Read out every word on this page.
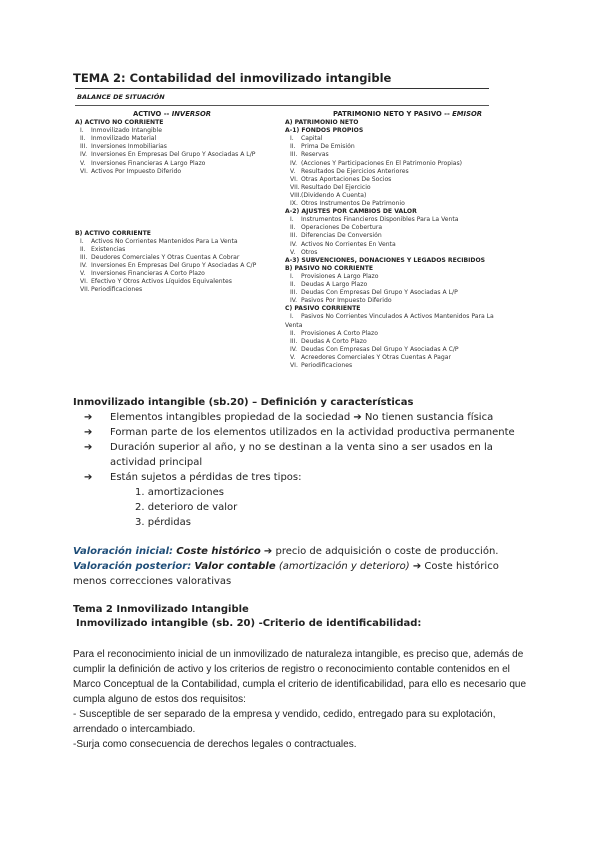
TEMA 2: Contabilidad del inmovilizado intangible
BALANCE DE SITUACIÓN
ACTIVO -- INVERSOR	PATRIMONIO NETO Y PASIVO -- EMISOR
A) ACTIVO NO CORRIENTE
I. Inmovilizado Intangible
II. Inmovilizado Material
III. Inversiones Inmobiliarias
IV. Inversiones En Empresas Del Grupo Y Asociadas A L/P
V. Inversiones Financieras A Largo Plazo
VI. Activos Por Impuesto Diferido
B) ACTIVO CORRIENTE
I. Activos No Corrientes Mantenidos Para La Venta
II. Existencias
III. Deudores Comerciales Y Otras Cuentas A Cobrar
IV. Inversiones En Empresas Del Grupo Y Asociadas A C/P
V. Inversiones Financieras A Corto Plazo
VI. Efectivo Y Otros Activos Líquidos Equivalentes
VII.Periodificaciones
A) PATRIMONIO NETO
A-1) FONDOS PROPIOS
I. Capital
II. Prima De Emisión
III. Reservas
IV. (Acciones Y Participaciones En El Patrimonio Propias)
V. Resultados De Ejercicios Anteriores
VI. Otras Aportaciones De Socios
VII.Resultado Del Ejercicio
VIII.(Dividendo A Cuenta)
IX. Otros Instrumentos De Patrimonio
A-2) AJUSTES POR CAMBIOS DE VALOR
I. Instrumentos Financieros Disponibles Para La Venta
II. Operaciones De Cobertura
III. Diferencias De Conversión
IV. Activos No Corrientes En Venta
V. Otros
A-3) SUBVENCIONES, DONACIONES Y LEGADOS RECIBIDOS
B) PASIVO NO CORRIENTE
I. Provisiones A Largo Plazo
II. Deudas A Largo Plazo
III. Deudas Con Empresas Del Grupo Y Asociadas A L/P
IV. Pasivos Por Impuesto Diferido
C) PASIVO CORRIENTE
I. Pasivos No Corrientes Vinculados A Activos Mantenidos Para La
Venta
II. Provisiones A Corto Plazo
III. Deudas A Corto Plazo
IV. Deudas Con Empresas Del Grupo Y Asociadas A C/P
V. Acreedores Comerciales Y Otras Cuentas A Pagar
VI. Periodificaciones
Inmovilizado intangible (sb.20) – Definición y características
➔ Elementos intangibles propiedad de la sociedad ➔ No tienen sustancia física
➔ Forman parte de los elementos utilizados en la actividad productiva permanente
➔ Duración superior al año, y no se destinan a la venta sino a ser usados en la actividad principal
➔ Están sujetos a pérdidas de tres tipos:
1. amortizaciones
2. deterioro de valor
3. pérdidas
Valoración inicial: Coste histórico ➔ precio de adquisición o coste de producción.
Valoración posterior: Valor contable (amortización y deterioro) ➔ Coste histórico menos correcciones valorativas
Tema 2 Inmovilizado Intangible
Inmovilizado intangible (sb. 20) -Criterio de identificabilidad:

Para el reconocimiento inicial de un inmovilizado de naturaleza intangible, es preciso que, además de cumplir la definición de activo y los criterios de registro o reconocimiento contable contenidos en el Marco Conceptual de la Contabilidad, cumpla el criterio de identificabilidad, para ello es necesario que cumpla alguno de estos dos requisitos:

- Susceptible de ser separado de la empresa y vendido, cedido, entregado para su explotación, arrendado o intercambiado.

-Surja como consecuencia de derechos legales o contractuales.
